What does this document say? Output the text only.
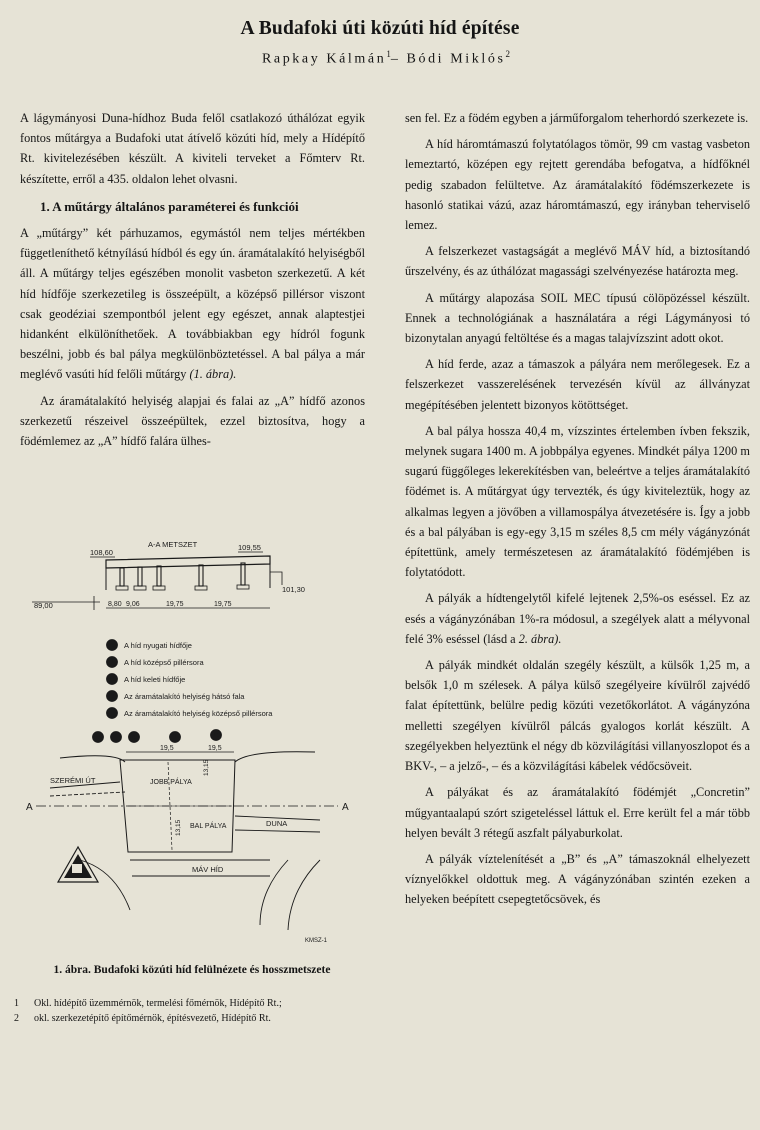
A Budafoki úti közúti híd építése
Rapkay Kálmán$^1$– Bódi Miklós$^2$

A lágymányosi Duna-hídhoz Buda felől csatlakozó úthálózat egyik fontos műtárgya a Budafoki utat átívelő közúti híd, mely a Hídépítő Rt. kivitelezésében készült. A kiviteli terveket a Főmterv Rt. készítette, erről a 435. oldalon lehet olvasni.

1. A műtárgy általános paraméterei és funkciói

A „műtárgy” két párhuzamos, egymástól nem teljes mértékben függetleníthető kétnyílású hídból és egy ún. áramátalakító helyiségből áll. A műtárgy teljes egészében monolit vasbeton szerkezetű. A két híd hídfője szerkezetileg is összeépült, a középső pillérsor viszont csak geodéziai szempontból jelent egy egészet, annak alaptestjei hidanként elkülöníthetőek. A továbbiakban egy hídról fogunk beszélni, jobb és bal pálya megkülönböztetéssel. A bal pálya a már meglévő vasúti híd felőli műtárgy (1. ábra).

Az áramátalakító helyiség alapjai és falai az „A” hídfő azonos szerkezetű részeivel összeépültek, ezzel biztosítva, hogy a födémlemez az „A” hídfő falára ülhes-

sen fel. Ez a födém egyben a járműforgalom teherhordó szerkezete is.

A híd háromtámaszú folytatólagos tömör, 99 cm vastag vasbeton lemeztartó, középen egy rejtett gerendába befogatva, a hídfőknél pedig szabadon felültetve. Az áramátalakító födémszerkezete is hasonló statikai vázú, azaz háromtámaszú, egy irányban teherviselő lemez.

A felszerkezet vastagságát a meglévő MÁV híd, a biztosítandó űrszelvény, és az úthálózat magassági szelvényezése határozta meg.

A műtárgy alapozása SOIL MEC típusú cölöpözéssel készült. Ennek a technológiának a használatára a régi Lágymányosi tó bizonytalan anyagú feltöltése és a magas talajvízszint adott okot.

A híd ferde, azaz a támaszok a pályára nem merőlegesek. Ez a felszerkezet vasszerelésének tervezésén kívül az állványzat megépítésében jelentett bizonyos kötöttséget.

A bal pálya hossza 40,4 m, vízszintes értelemben ívben fekszik, melynek sugara 1400 m. A jobbpálya egyenes. Mindkét pálya 1200 m sugarú függőleges lekerekítésben van, beleértve a teljes áramátalakító födémet is. A műtárgyat úgy tervezték, és úgy kiviteleztük, hogy az alkalmas legyen a jövőben a villamospálya átvezetésére is. Így a jobb és a bal pályában is egy-egy 3,15 m széles 8,5 cm mély vágányzónát építettünk, amely természetesen az áramátalakító födémjében is folytatódott.

A pályák a hídtengelytől kifelé lejtenek 2,5%-os eséssel. Ez az esés a vágányzónában 1%-ra módosul, a szegélyek alatt a mélyvonal felé 3% eséssel (lásd a 2. ábra).

A pályák mindkét oldalán szegély készült, a külsők 1,25 m, a belsők 1,0 m szélesek. A pálya külső szegélyeire kívülről zajvédő falat építettünk, belülre pedig közúti vezetőkorlátot. A vágányzóna melletti szegélyen kívülről pálcás gyalogos korlát készült. A szegélyekben helyeztünk el négy db közvilágítási villanyoszlopot és a BKV-, – a jelző-, – és a közvilágítási kábelek védőcsöveit.

A pályákat és az áramátalakító födémjét „Concretin” műgyantaalapú szórt szigeteléssel láttuk el. Erre került fel a már több helyen bevált 3 rétegű aszfalt pályaburkolat.

A pályák víztelenítését a „B” és „A” támaszoknál elhelyezett víznyelőkkel oldottuk meg. A vágányzónában szintén ezeken a helyeken beépített csepegtetőcsövek, és

108,60
A-A METSZET	109,55
101,30
89,00	8,80 9,06	19,75	19,75
A A híd nyugati hídfője
B A híd középső pillérsora
C A híd keleti hídfője
D Az áramátalakító helyiség hátsó fala
E Az áramátalakító helyiség középső pillérsora
D E A	B	C
19,5	19,5
SZERÉMI ÚT
A	A
JOBB PÁLYA
BAL PÁLYA	DUNA
13,15
13,15
MÁV HÍD
KMSZ-1
1. ábra. Budafoki közúti híd felülnézete és hosszmetszete
1	Okl. hídépítő üzemmérnök, termelési főmérnök, Hídépítő Rt.;
2	okl. szerkezetépítő építőmérnök, építésvezető, Hídépítő Rt.
